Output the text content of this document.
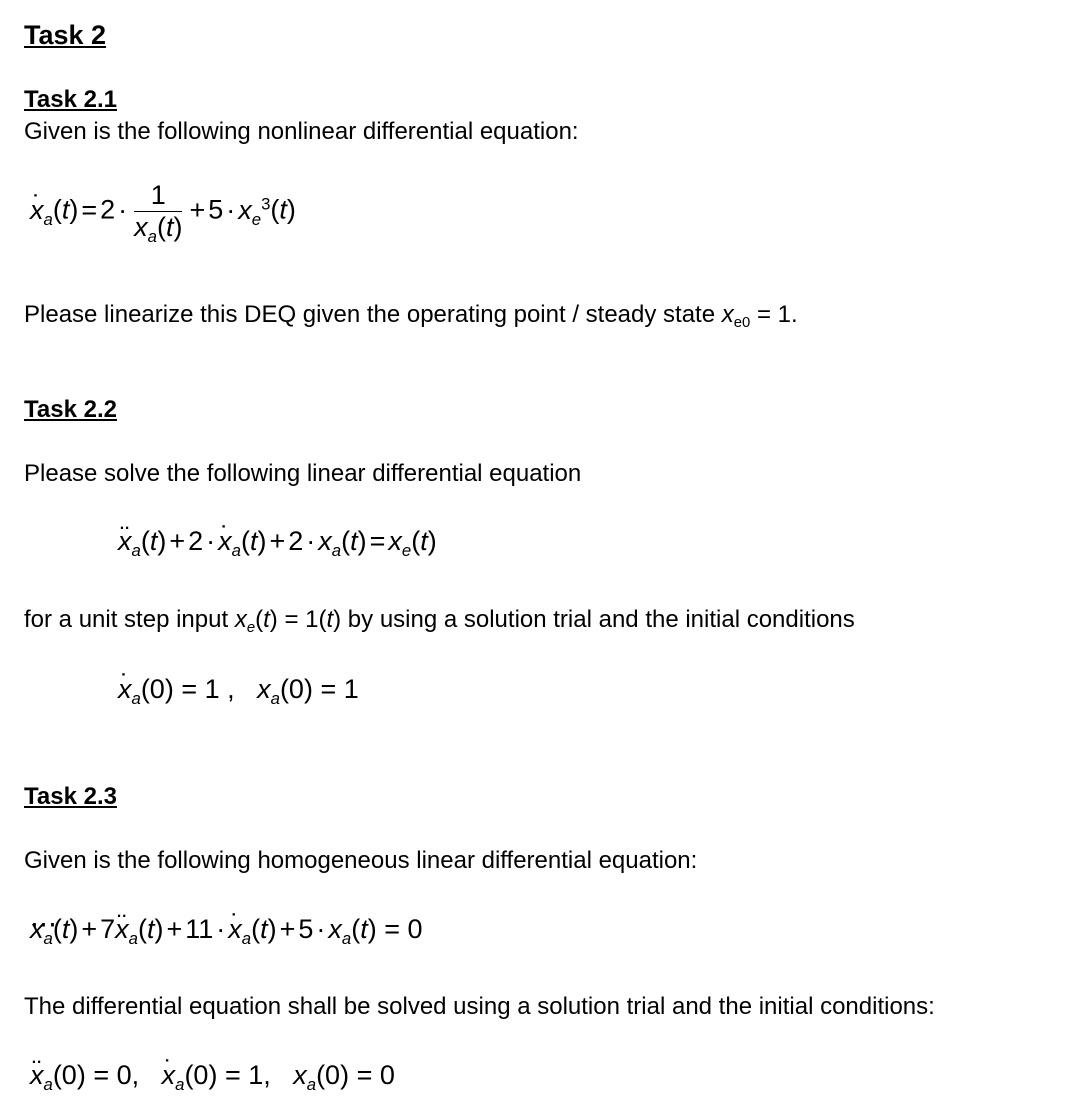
Task 2
Task 2.1
Given is the following nonlinear differential equation:
˙ $x_a(t) = 2 \cdot \frac{1}{x_a(t)} + 5 \cdot x_e^3(t)$
Please linearize this DEQ given the operating point / steady state $x_{e0} = 1$.
Task 2.2
Please solve the following linear differential equation
¨ $x_a(t) + 2$ · ˙ $x_a(t) + 2 \cdot x_a(t) = x_e(t)$
for a unit step input $x_e(t) = 1(t)$ by using a solution trial and the initial conditions
˙ $x_a(0) = 1$ , $x_a(0) = 1$
Task 2.3
Given is the following homogeneous linear differential equation:
⋯ $x_a(t)$ + 7¨ $x_a(t) + 11$ · ˙ $x_a(t) + 5 \cdot x_a(t) = 0$
The differential equation shall be solved using a solution trial and the initial conditions:
¨ $x_a(0) = 0$, ˙ $x_a(0) = 1$, $x_a(0) = 0$
